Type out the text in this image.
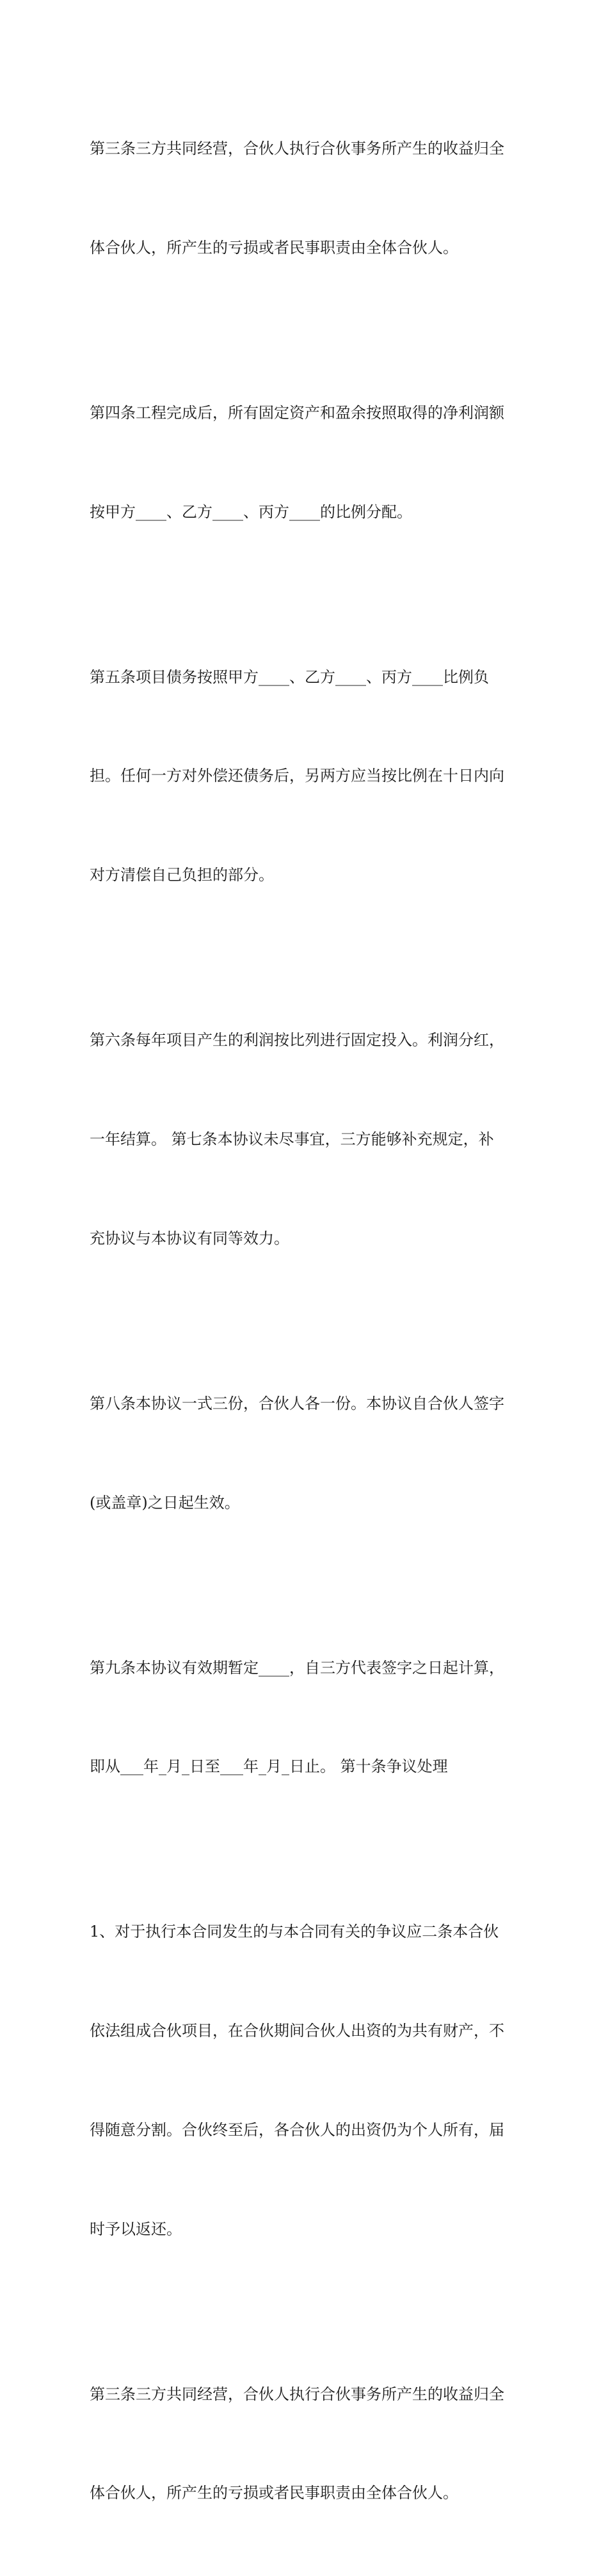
第三条三方共同经营，合伙人执行合伙事务所产生的收益归全

体合伙人，所产生的亏损或者民事职责由全体合伙人。

第四条工程完成后，所有固定资产和盈余按照取得的净利润额

按甲方____、乙方____、丙方____的比例分配。

第五条项目债务按照甲方____、乙方____、丙方____比例负

担。任何一方对外偿还债务后，另两方应当按比例在十日内向

对方清偿自己负担的部分。

第六条每年项目产生的利润按比列进行固定投入。利润分红，

一年结算。 第七条本协议未尽事宜，三方能够补充规定，补

充协议与本协议有同等效力。

第八条本协议一式三份，合伙人各一份。本协议自合伙人签字

(或盖章)之日起生效。

第九条本协议有效期暂定____，自三方代表签字之日起计算，

即从___年_月_日至___年_月_日止。 第十条争议处理

1、对于执行本合同发生的与本合同有关的争议应二条本合伙

依法组成合伙项目，在合伙期间合伙人出资的为共有财产，不

得随意分割。合伙终至后，各合伙人的出资仍为个人所有，届

时予以返还。

第三条三方共同经营，合伙人执行合伙事务所产生的收益归全

体合伙人，所产生的亏损或者民事职责由全体合伙人。
